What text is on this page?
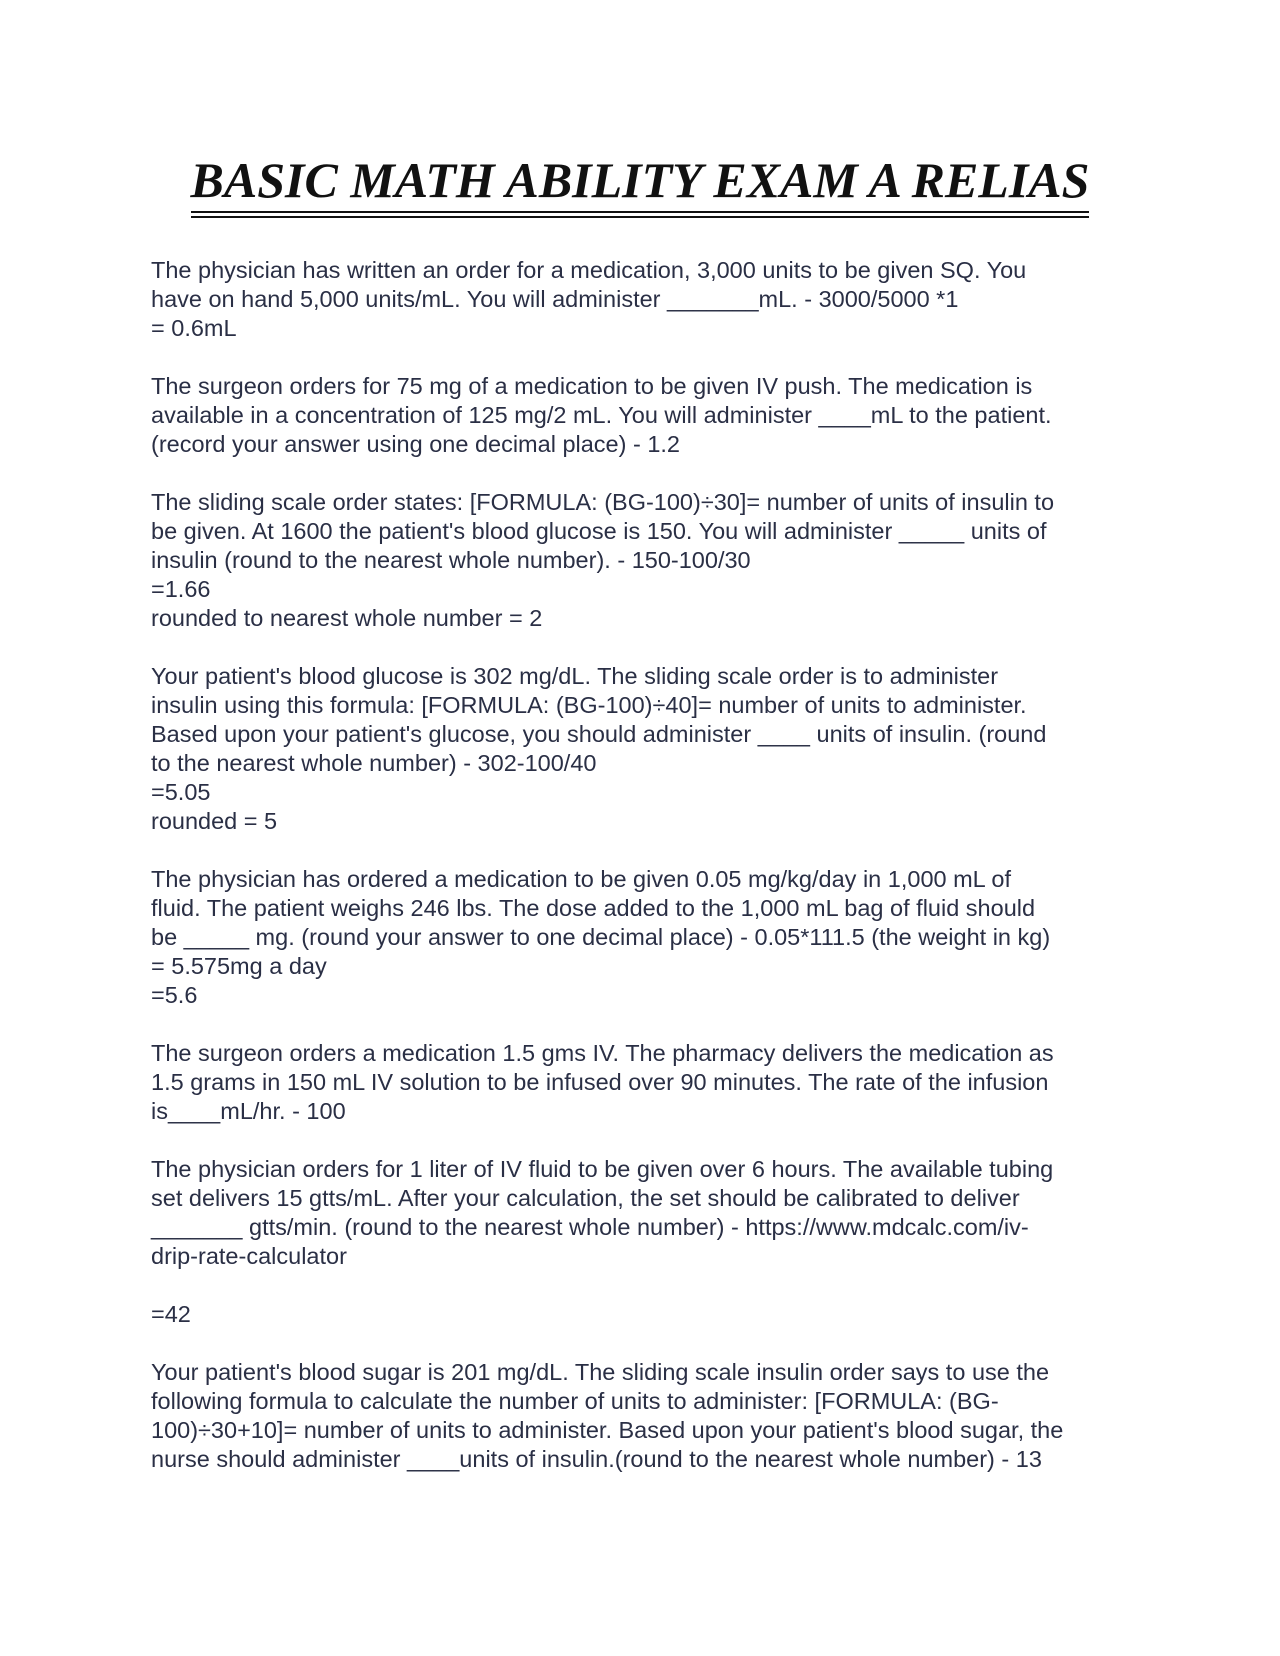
BASIC MATH ABILITY EXAM A RELIAS

The physician has written an order for a medication, 3,000 units to be given SQ. You
have on hand 5,000 units/mL. You will administer _______mL. - 3000/5000 *1
= 0.6mL

The surgeon orders for 75 mg of a medication to be given IV push. The medication is
available in a concentration of 125 mg/2 mL. You will administer ____mL to the patient.
(record your answer using one decimal place) - 1.2

The sliding scale order states: [FORMULA: (BG-100)÷30]= number of units of insulin to
be given. At 1600 the patient's blood glucose is 150. You will administer _____ units of
insulin (round to the nearest whole number). - 150-100/30
=1.66
rounded to nearest whole number = 2

Your patient's blood glucose is 302 mg/dL. The sliding scale order is to administer
insulin using this formula: [FORMULA: (BG-100)÷40]= number of units to administer.
Based upon your patient's glucose, you should administer ____ units of insulin. (round
to the nearest whole number) - 302-100/40
=5.05
rounded = 5

The physician has ordered a medication to be given 0.05 mg/kg/day in 1,000 mL of
fluid. The patient weighs 246 lbs. The dose added to the 1,000 mL bag of fluid should
be _____ mg. (round your answer to one decimal place) - 0.05*111.5 (the weight in kg)
= 5.575mg a day
=5.6

The surgeon orders a medication 1.5 gms IV. The pharmacy delivers the medication as
1.5 grams in 150 mL IV solution to be infused over 90 minutes. The rate of the infusion
is____mL/hr. - 100

The physician orders for 1 liter of IV fluid to be given over 6 hours. The available tubing
set delivers 15 gtts/mL. After your calculation, the set should be calibrated to deliver
_______ gtts/min. (round to the nearest whole number) - https://www.mdcalc.com/iv-
drip-rate-calculator
=42

Your patient's blood sugar is 201 mg/dL. The sliding scale insulin order says to use the
following formula to calculate the number of units to administer: [FORMULA: (BG-
100)÷30+10]= number of units to administer. Based upon your patient's blood sugar, the
nurse should administer ____units of insulin.(round to the nearest whole number) - 13
